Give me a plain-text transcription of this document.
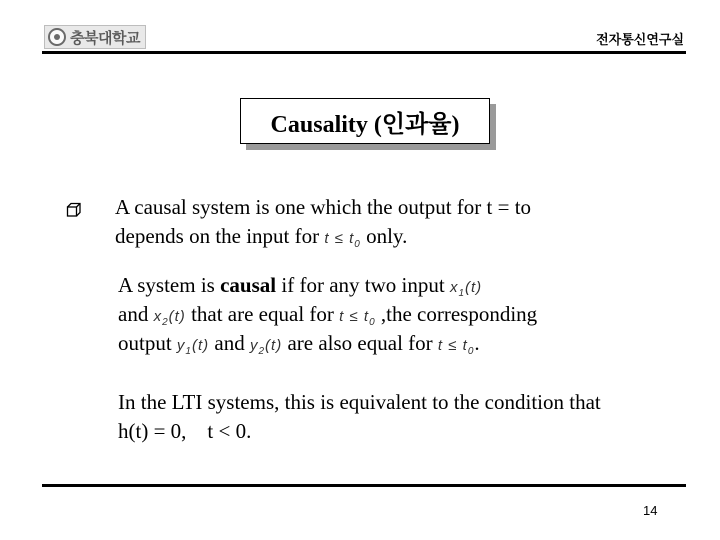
충북대학교	전자통신연구실
Causality (인과율)
A causal system is one which the output for t = to
depends on the input for $t \le t_0$ only.
A system is causal if for any two input $x_1(t)$
and $x_2(t)$ that are equal for $t \le t_0$ ,the corresponding
output $y_1(t)$ and $y_2(t)$ are also equal for $t \le t_0$.
In the LTI systems, this is equivalent to the condition that
h(t) = 0,    t < 0.
14
